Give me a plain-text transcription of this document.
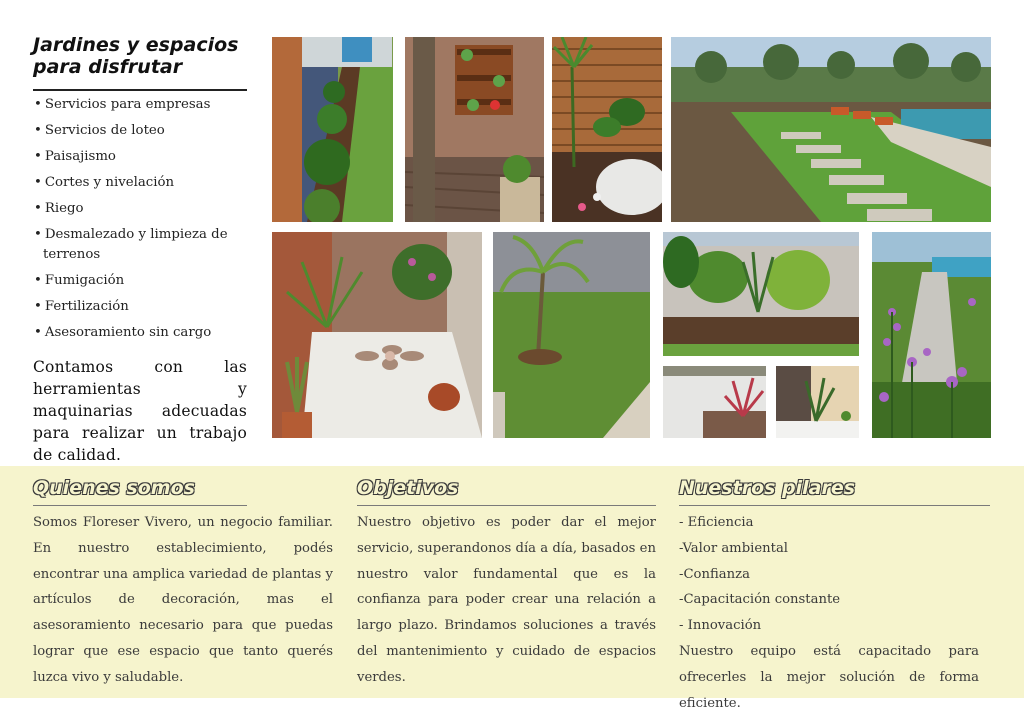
Jardines y espacios para disfrutar
• Servicios para empresas
• Servicios de loteo
• Paisajismo
• Cortes y nivelación
• Riego
• Desmalezado y limpieza de terrenos
• Fumigación
• Fertilización
• Asesoramiento sin cargo

Contamos con las herramientas y maquinarias adecuadas para realizar un trabajo de calidad.

Quienes somos

Somos Floreser Vivero, un negocio familiar. En nuestro establecimiento, podés encontrar una amplica variedad de plantas y artículos de decoración, mas el asesoramiento necesario para que puedas lograr que ese espacio que tanto querés luzca vivo y saludable.

Objetivos

Nuestro objetivo es poder dar el mejor servicio, superandonos día a día, basados en nuestro valor fundamental que es la confianza para poder crear una relación a largo plazo. Brindamos soluciones a través del mantenimiento y cuidado de espacios verdes.

Nuestros pilares
- Eficiencia
-Valor ambiental
-Confianza
-Capacitación constante
- Innovación

Nuestro equipo está capacitado para ofrecerles la mejor solución de forma eficiente.
